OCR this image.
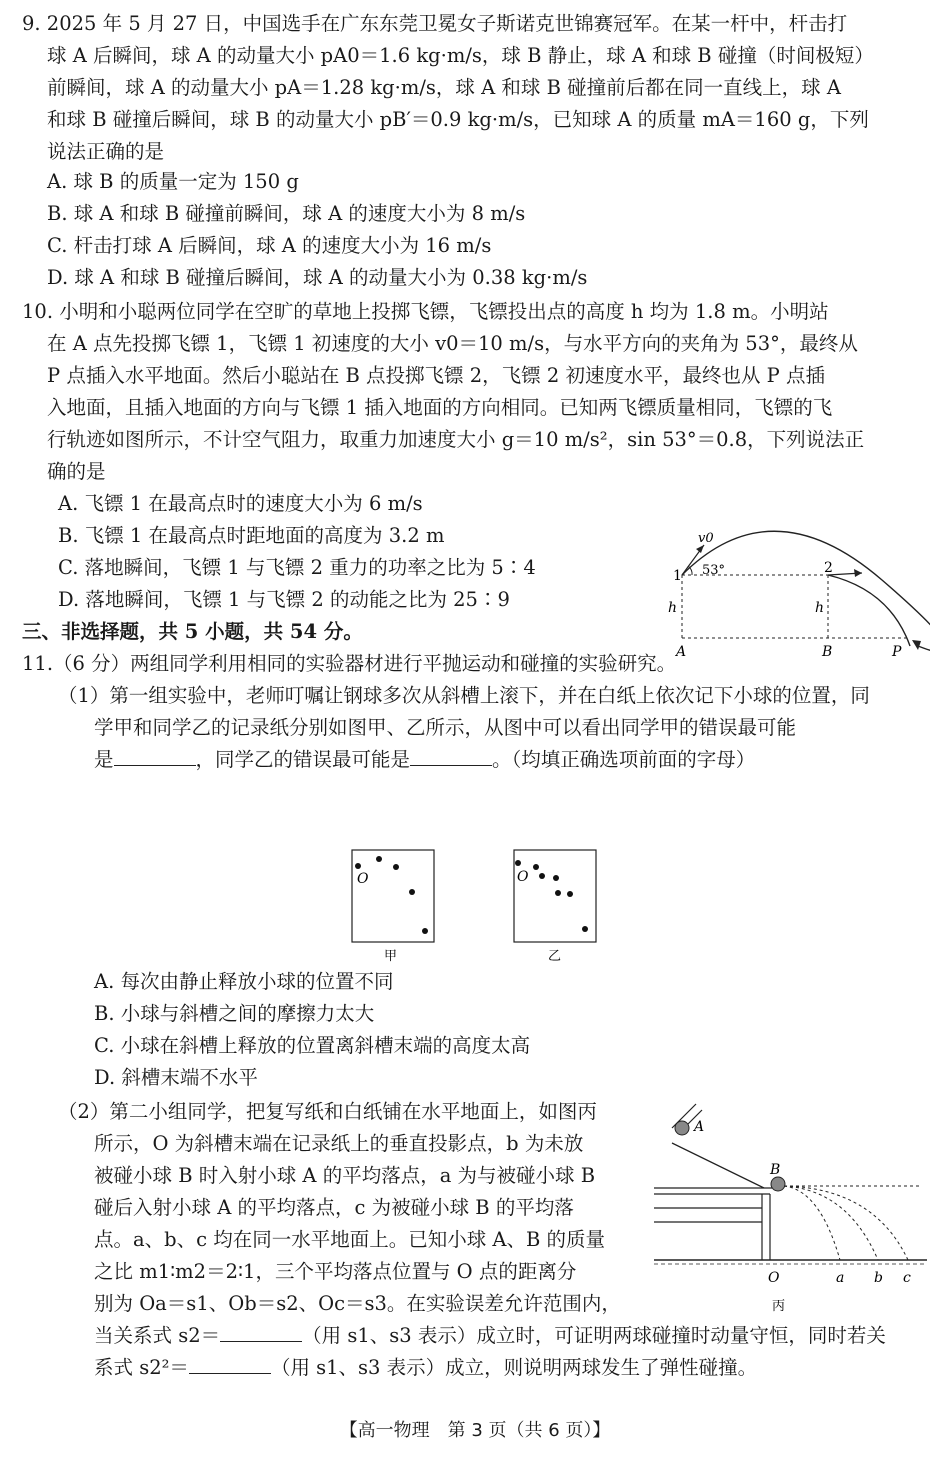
9. 2025 年 5 月 27 日，中国选手在广东东莞卫冕女子斯诺克世锦赛冠军。在某一杆中，杆击打
球 A 后瞬间，球 A 的动量大小 pA0＝1.6 kg·m/s，球 B 静止，球 A 和球 B 碰撞（时间极短）
前瞬间，球 A 的动量大小 pA＝1.28 kg·m/s，球 A 和球 B 碰撞前后都在同一直线上，球 A
和球 B 碰撞后瞬间，球 B 的动量大小 pB′＝0.9 kg·m/s，已知球 A 的质量 mA＝160 g，下列
说法正确的是
A. 球 B 的质量一定为 150 g
B. 球 A 和球 B 碰撞前瞬间，球 A 的速度大小为 8 m/s
C. 杆击打球 A 后瞬间，球 A 的速度大小为 16 m/s
D. 球 A 和球 B 碰撞后瞬间，球 A 的动量大小为 0.38 kg·m/s
10. 小明和小聪两位同学在空旷的草地上投掷飞镖，飞镖投出点的高度 h 均为 1.8 m。小明站
在 A 点先投掷飞镖 1，飞镖 1 初速度的大小 v0＝10 m/s，与水平方向的夹角为 53°，最终从
P 点插入水平地面。然后小聪站在 B 点投掷飞镖 2，飞镖 2 初速度水平，最终也从 P 点插
入地面，且插入地面的方向与飞镖 1 插入地面的方向相同。已知两飞镖质量相同，飞镖的飞
行轨迹如图所示，不计空气阻力，取重力加速度大小 g＝10 m/s²，sin 53°＝0.8，下列说法正
确的是
A. 飞镖 1 在最高点时的速度大小为 6 m/s
B. 飞镖 1 在最高点时距地面的高度为 3.2 m
C. 落地瞬间，飞镖 1 与飞镖 2 重力的功率之比为 5∶4
D. 落地瞬间，飞镖 1 与飞镖 2 的动能之比为 25∶9
v0
53°
1	2
h	h
A	B	P
三、非选择题，共 5 小题，共 54 分。
11.（6 分）两组同学利用相同的实验器材进行平抛运动和碰撞的实验研究。
（1）第一组实验中，老师叮嘱让钢球多次从斜槽上滚下，并在白纸上依次记下小球的位置，同
学甲和同学乙的记录纸分别如图甲、乙所示，从图中可以看出同学甲的错误最可能
是	，同学乙的错误最可能是	。（均填正确选项前面的字母）
O
甲
O
乙
A. 每次由静止释放小球的位置不同
B. 小球与斜槽之间的摩擦力太大
C. 小球在斜槽上释放的位置离斜槽末端的高度太高
D. 斜槽末端不水平
（2）第二小组同学，把复写纸和白纸铺在水平地面上，如图丙
所示，O 为斜槽末端在记录纸上的垂直投影点，b 为未放
被碰小球 B 时入射小球 A 的平均落点，a 为与被碰小球 B
碰后入射小球 A 的平均落点，c 为被碰小球 B 的平均落
点。a、b、c 均在同一水平地面上。已知小球 A、B 的质量
之比 m1∶m2＝2∶1，三个平均落点位置与 O 点的距离分
别为 Oa＝s1、Ob＝s2、Oc＝s3。在实验误差允许范围内，
当关系式 s2＝	（用 s1、s3 表示）成立时，可证明两球碰撞时动量守恒，同时若关
系式 s2²＝	（用 s1、s3 表示）成立，则说明两球发生了弹性碰撞。
A
B
O	a b c
丙
【高一物理　第 3 页（共 6 页）】
